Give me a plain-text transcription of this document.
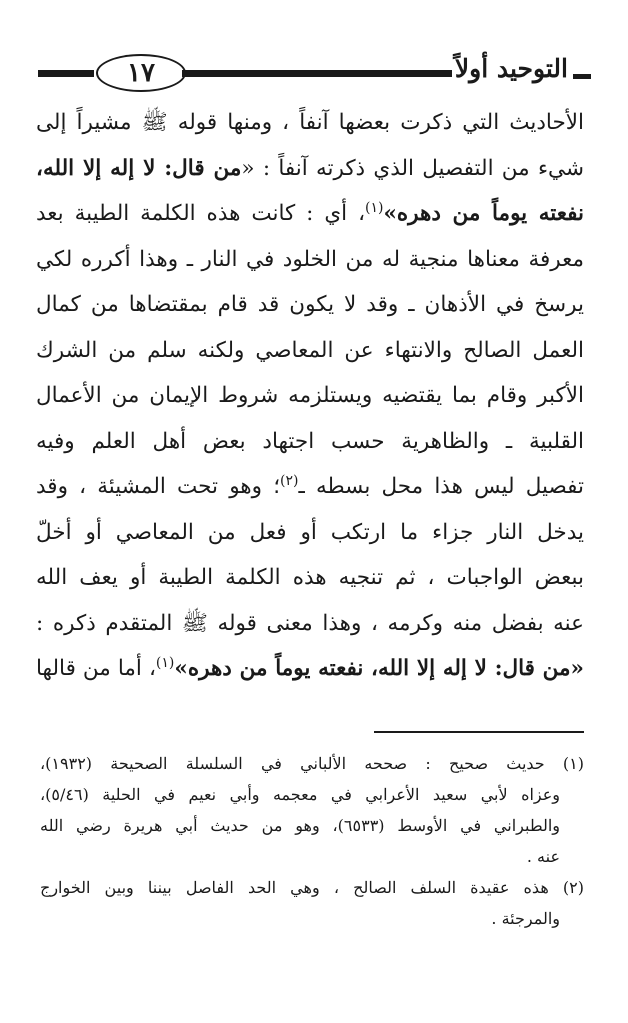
١٧	التوحيد أولاً
الأحاديث التي ذكرت بعضها آنفاً ، ومنها قوله ﷺ مشيراً إلى
شيء من التفصيل الذي ذكرته آنفاً : «من قال: لا إله إلا الله،
نفعته يوماً من دهره»$^{(١)}$، أي : كانت هذه الكلمة الطيبة بعد
معرفة معناها منجية له من الخلود في النار ـ وهذا أكرره لكي
يرسخ في الأذهان ـ وقد لا يكون قد قام بمقتضاها من كمال
العمل الصالح والانتهاء عن المعاصي ولكنه سلم من الشرك
الأكبر وقام بما يقتضيه ويستلزمه شروط الإيمان من الأعمال
القلبية ـ والظاهرية حسب اجتهاد بعض أهل العلم وفيه
تفصيل ليس هذا محل بسطه ـ$^{(٢)}$؛ وهو تحت المشيئة ، وقد
يدخل النار جزاء ما ارتكب أو فعل من المعاصي أو أخلّ
ببعض الواجبات ، ثم تنجيه هذه الكلمة الطيبة أو يعف الله
عنه بفضل منه وكرمه ، وهذا معنى قوله ﷺ المتقدم ذكره :
«من قال: لا إله إلا الله، نفعته يوماً من دهره»$^{(١)}$، أما من قالها
(١) حديث صحيح : صححه الألباني في السلسلة الصحيحة (١٩٣٢)،
وعزاه لأبي سعيد الأعرابي في معجمه وأبي نعيم في الحلية (٥/٤٦)،
والطبراني في الأوسط (٦٥٣٣)، وهو من حديث أبي هريرة رضي الله
عنه .
(٢) هذه عقيدة السلف الصالح ، وهي الحد الفاصل بيننا وبين الخوارج
والمرجئة .
